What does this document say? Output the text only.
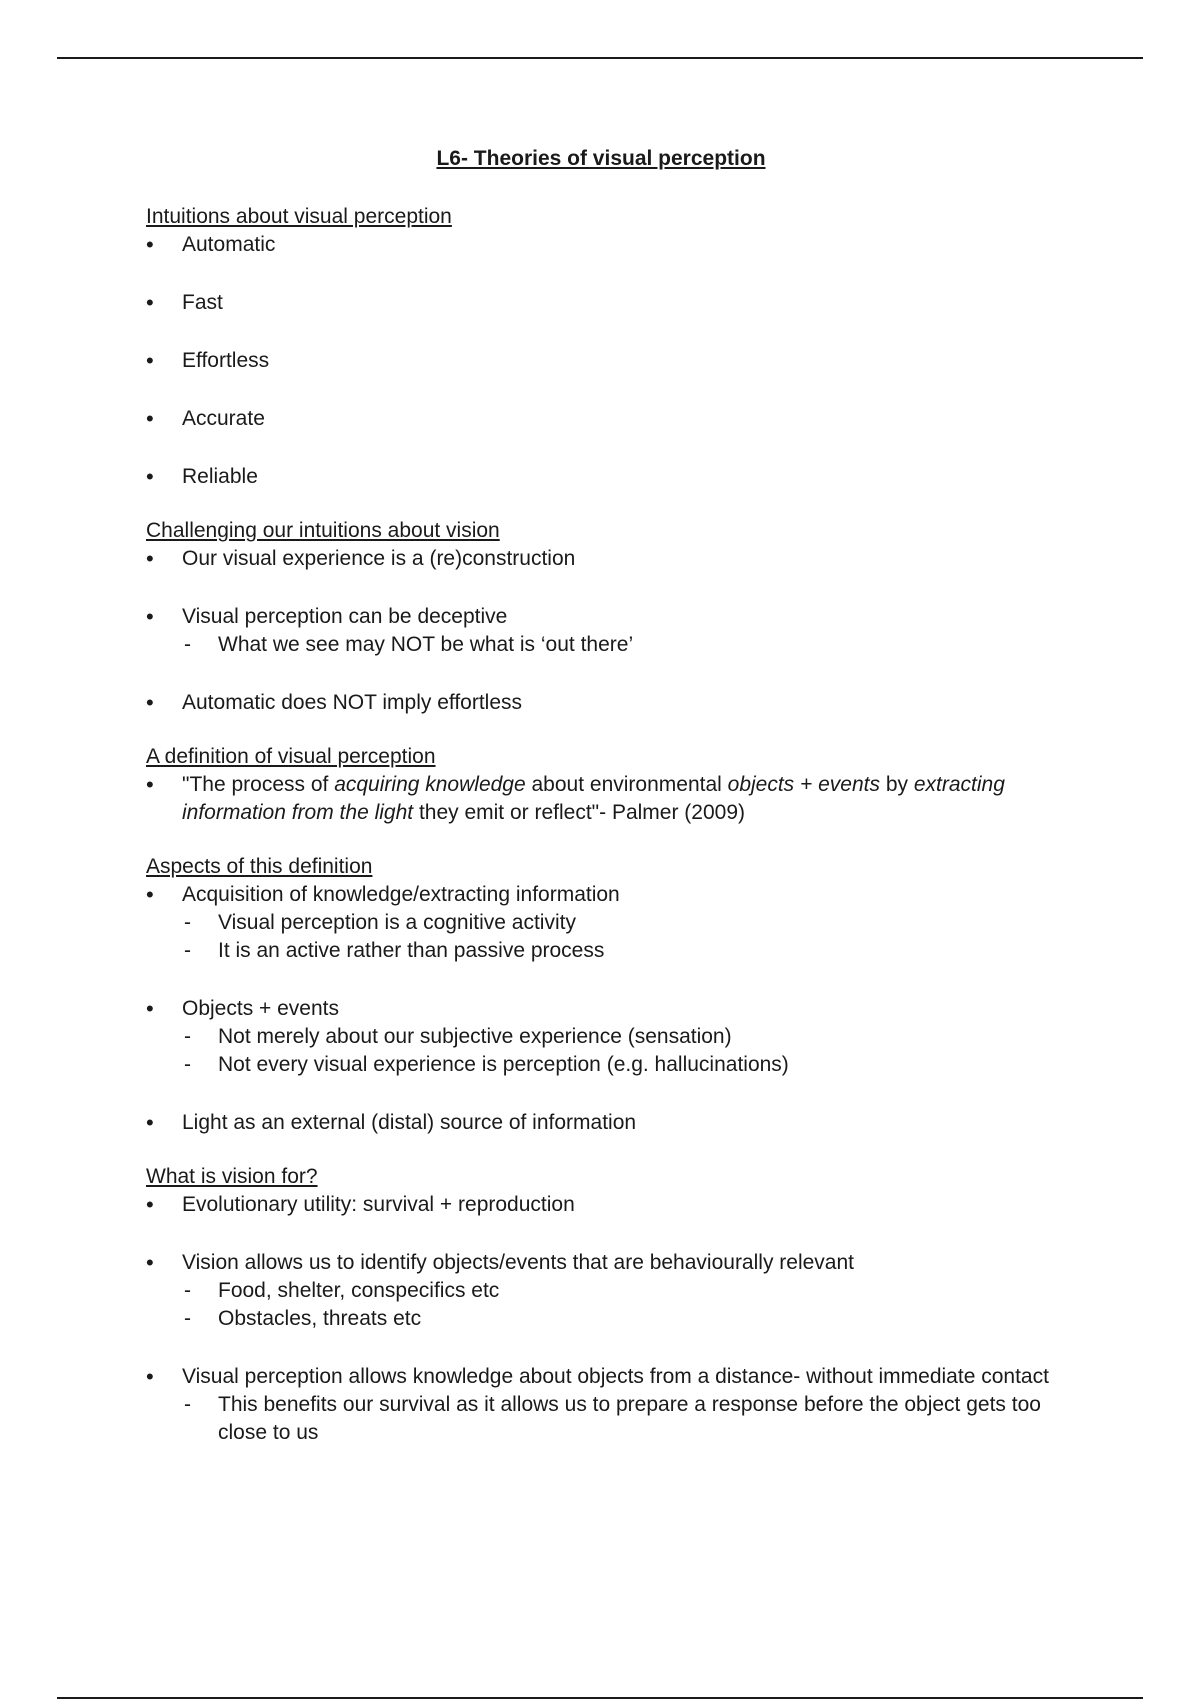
L6- Theories of visual perception
Intuitions about visual perception
• Automatic
• Fast
• Effortless
• Accurate
• Reliable
Challenging our intuitions about vision
• Our visual experience is a (re)construction
• Visual perception can be deceptive
- What we see may NOT be what is ‘out there’
• Automatic does NOT imply effortless
A definition of visual perception
• "The process of acquiring knowledge about environmental objects + events by extracting information from the light they emit or reflect"- Palmer (2009)
Aspects of this definition
• Acquisition of knowledge/extracting information
- Visual perception is a cognitive activity
- It is an active rather than passive process
• Objects + events
- Not merely about our subjective experience (sensation)
- Not every visual experience is perception (e.g. hallucinations)
• Light as an external (distal) source of information
What is vision for?
• Evolutionary utility: survival + reproduction
• Vision allows us to identify objects/events that are behaviourally relevant
- Food, shelter, conspecifics etc
- Obstacles, threats etc
• Visual perception allows knowledge about objects from a distance- without immediate contact
- This benefits our survival as it allows us to prepare a response before the object gets too close to us
